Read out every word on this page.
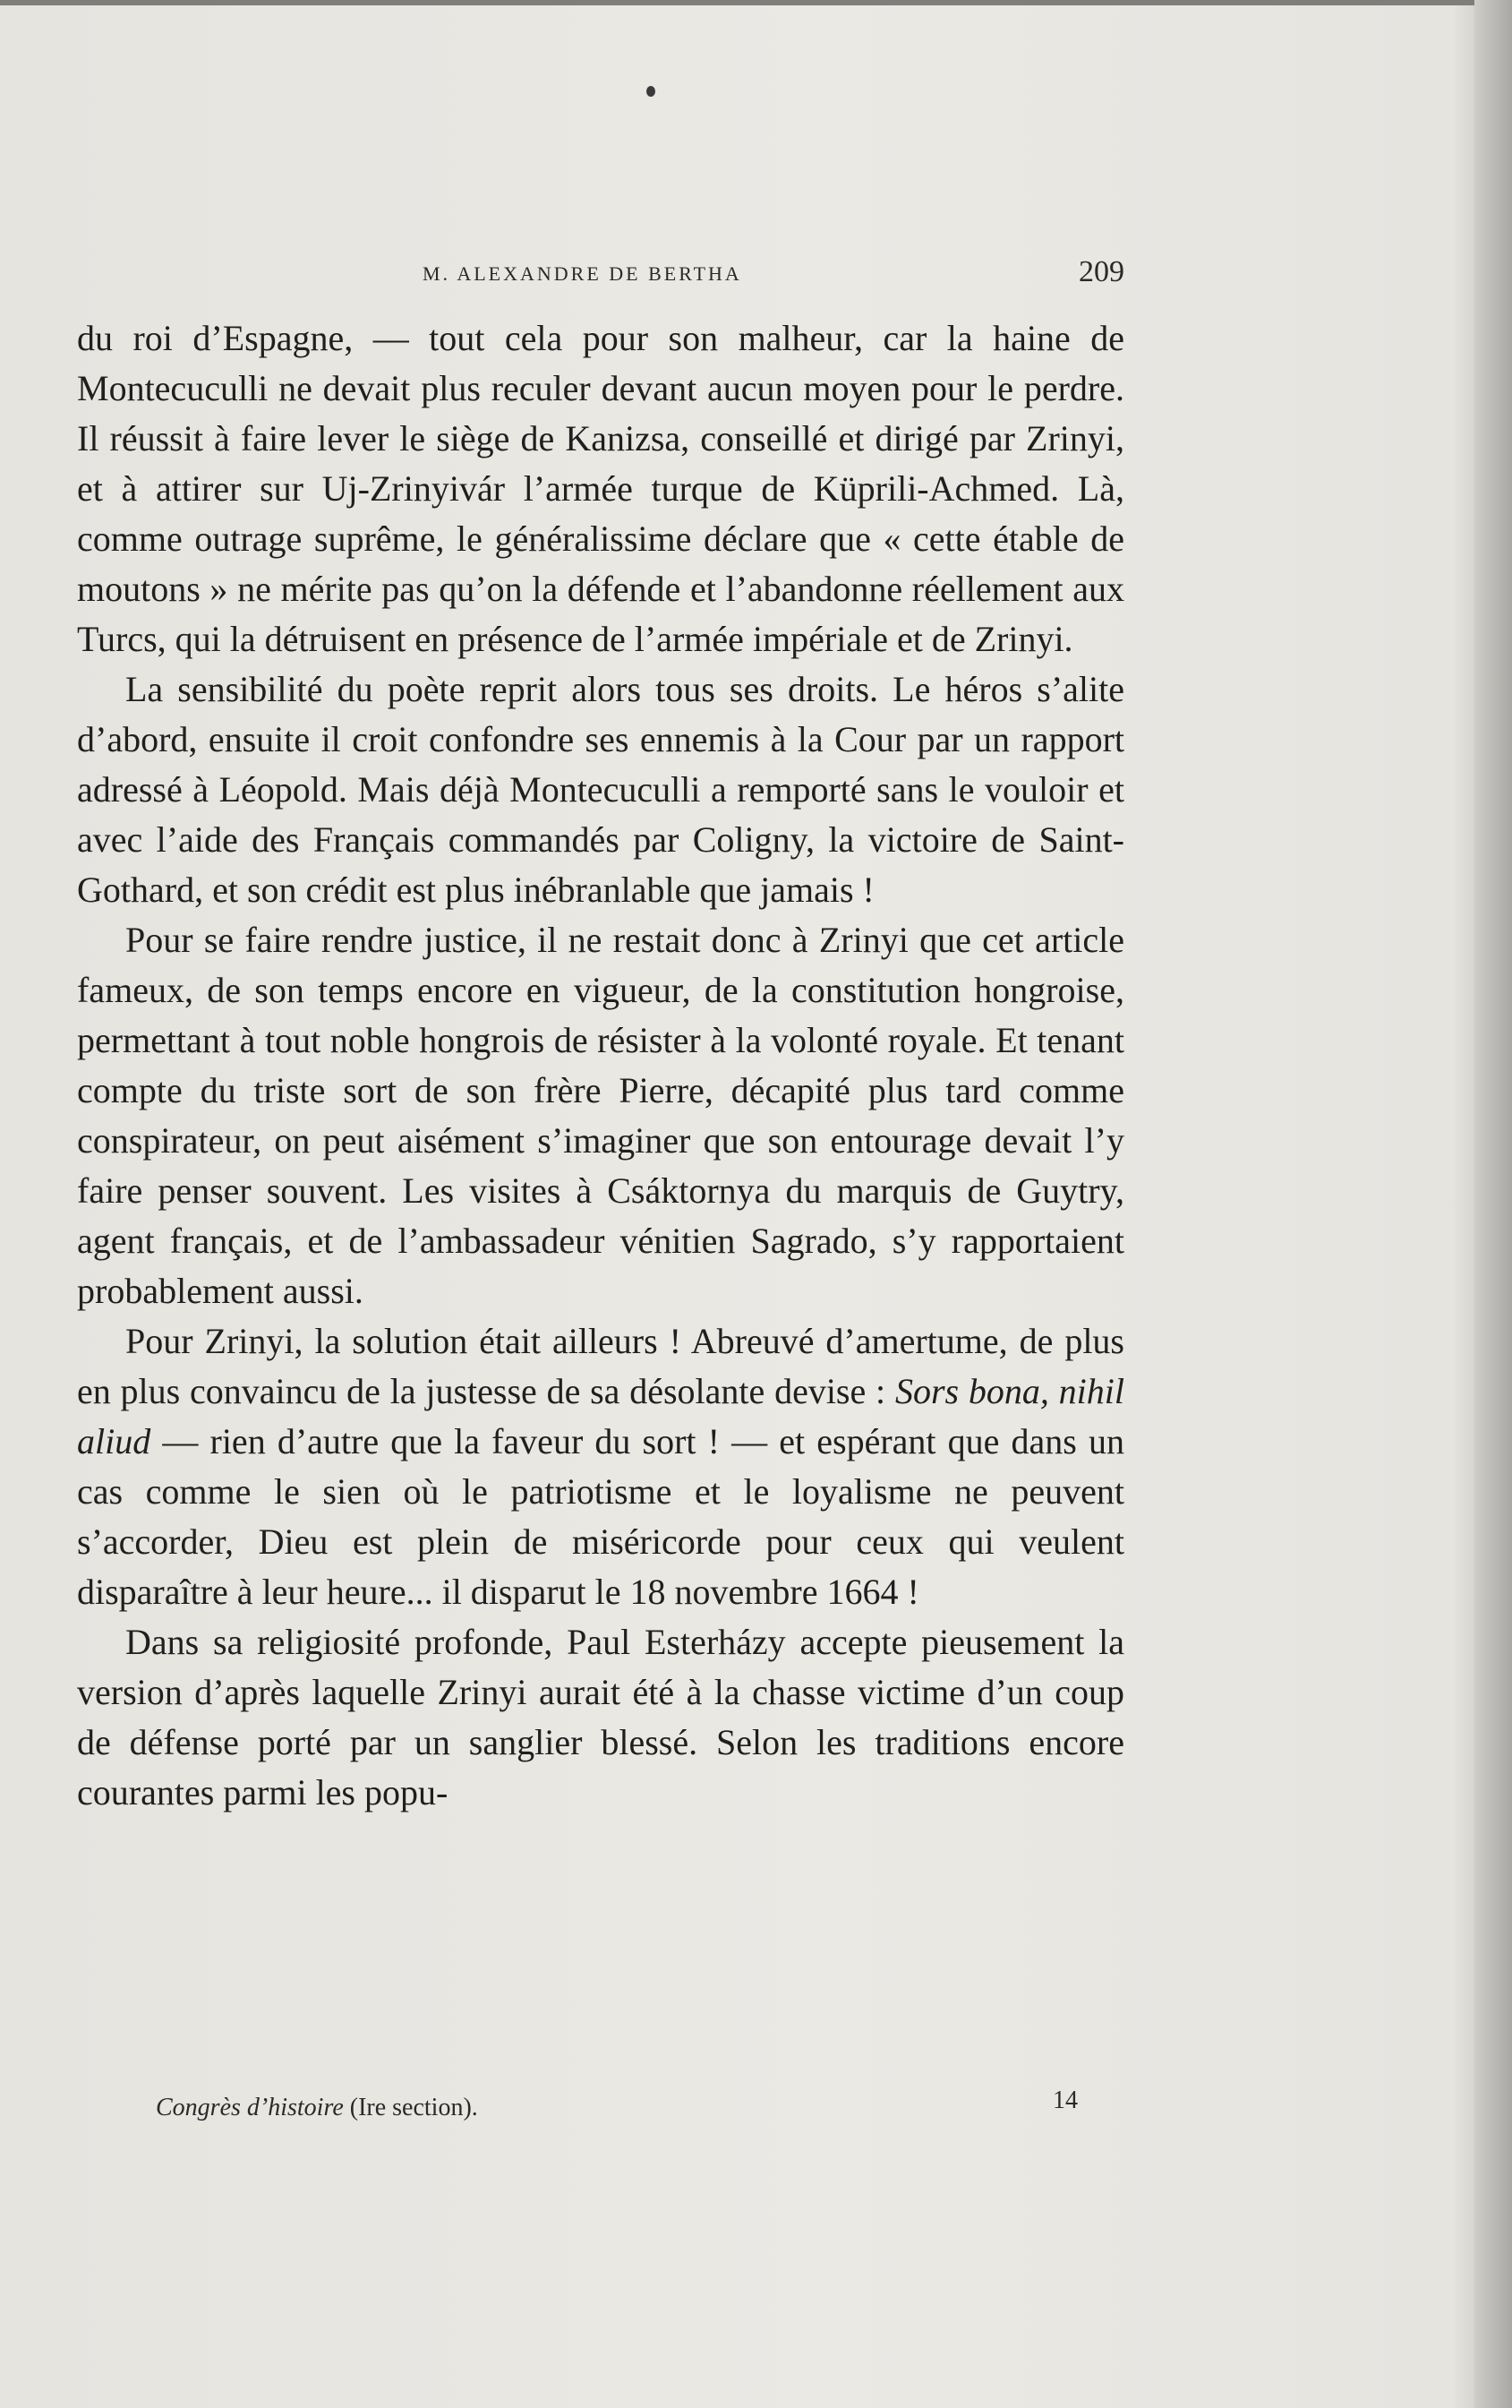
M. ALEXANDRE DE BERTHA	209

du roi d’Espagne, — tout cela pour son malheur, car la haine de Montecuculli ne devait plus reculer devant aucun moyen pour le perdre. Il réussit à faire lever le siège de Kanizsa, conseillé et dirigé par Zrinyi, et à attirer sur Uj-Zrinyivár l’armée turque de Küprili-Achmed. Là, comme outrage suprême, le généralissime déclare que « cette étable de moutons » ne mérite pas qu’on la défende et l’abandonne réellement aux Turcs, qui la détruisent en présence de l’armée impériale et de Zrinyi.

La sensibilité du poète reprit alors tous ses droits. Le héros s’alite d’abord, ensuite il croit confondre ses ennemis à la Cour par un rapport adressé à Léopold. Mais déjà Montecuculli a remporté sans le vouloir et avec l’aide des Français commandés par Coligny, la victoire de Saint-Gothard, et son crédit est plus inébranlable que jamais !

Pour se faire rendre justice, il ne restait donc à Zrinyi que cet article fameux, de son temps encore en vigueur, de la constitution hongroise, permettant à tout noble hongrois de résister à la volonté royale. Et tenant compte du triste sort de son frère Pierre, décapité plus tard comme conspirateur, on peut aisément s’imaginer que son entourage devait l’y faire penser souvent. Les visites à Csáktornya du marquis de Guytry, agent français, et de l’ambassadeur vénitien Sagrado, s’y rapportaient probablement aussi.

Pour Zrinyi, la solution était ailleurs ! Abreuvé d’amertume, de plus en plus convaincu de la justesse de sa désolante devise : Sors bona, nihil aliud — rien d’autre que la faveur du sort ! — et espérant que dans un cas comme le sien où le patriotisme et le loyalisme ne peuvent s’accorder, Dieu est plein de miséricorde pour ceux qui veulent disparaître à leur heure... il disparut le 18 novembre 1664 !

Dans sa religiosité profonde, Paul Esterházy accepte pieusement la version d’après laquelle Zrinyi aurait été à la chasse victime d’un coup de défense porté par un sanglier blessé. Selon les traditions encore courantes parmi les popu-

Congrès d’histoire (Ire section).	14
